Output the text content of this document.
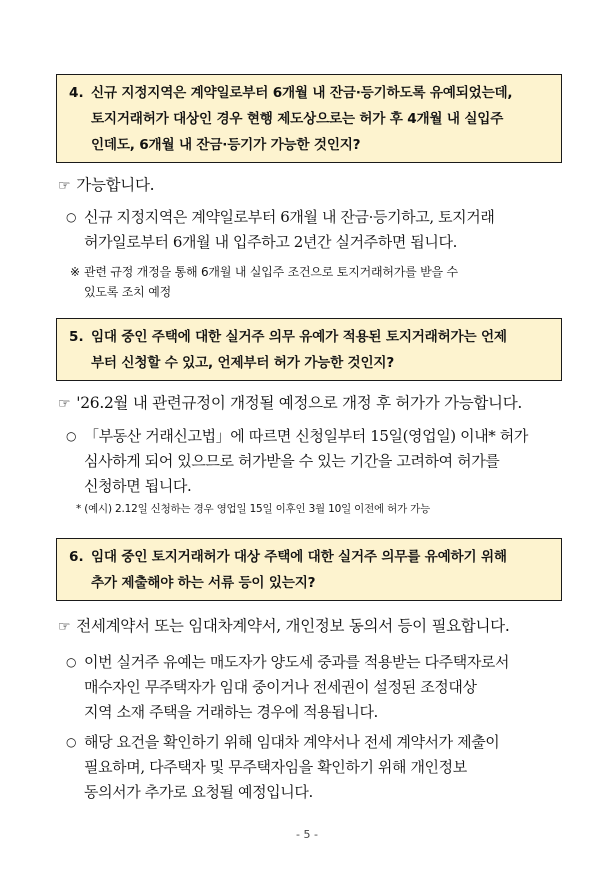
4. 신규 지정지역은 계약일로부터 6개월 내 잔금·등기하도록 유예되었는데,
토지거래허가 대상인 경우 현행 제도상으로는 허가 후 4개월 내 실입주
인데도, 6개월 내 잔금·등기가 가능한 것인지?
☞ 가능합니다.
○ 신규 지정지역은 계약일로부터 6개월 내 잔금·등기하고, 토지거래
허가일로부터 6개월 내 입주하고 2년간 실거주하면 됩니다.
※ 관련 규정 개정을 통해 6개월 내 실입주 조건으로 토지거래허가를 받을 수
있도록 조치 예정
5. 임대 중인 주택에 대한 실거주 의무 유예가 적용된 토지거래허가는 언제
부터 신청할 수 있고, 언제부터 허가 가능한 것인지?
☞ '26.2월 내 관련규정이 개정될 예정으로 개정 후 허가가 가능합니다.
○ 「부동산 거래신고법」에 따르면 신청일부터 15일(영업일) 이내* 허가
심사하게 되어 있으므로 허가받을 수 있는 기간을 고려하여 허가를
신청하면 됩니다.
* (예시) 2.12일 신청하는 경우 영업일 15일 이후인 3월 10일 이전에 허가 가능
6. 임대 중인 토지거래허가 대상 주택에 대한 실거주 의무를 유예하기 위해
추가 제출해야 하는 서류 등이 있는지?
☞ 전세계약서 또는 임대차계약서, 개인정보 동의서 등이 필요합니다.
○ 이번 실거주 유예는 매도자가 양도세 중과를 적용받는 다주택자로서
매수자인 무주택자가 임대 중이거나 전세권이 설정된 조정대상
지역 소재 주택을 거래하는 경우에 적용됩니다.
○ 해당 요건을 확인하기 위해 임대차 계약서나 전세 계약서가 제출이
필요하며, 다주택자 및 무주택자임을 확인하기 위해 개인정보
동의서가 추가로 요청될 예정입니다.
- 5 -
